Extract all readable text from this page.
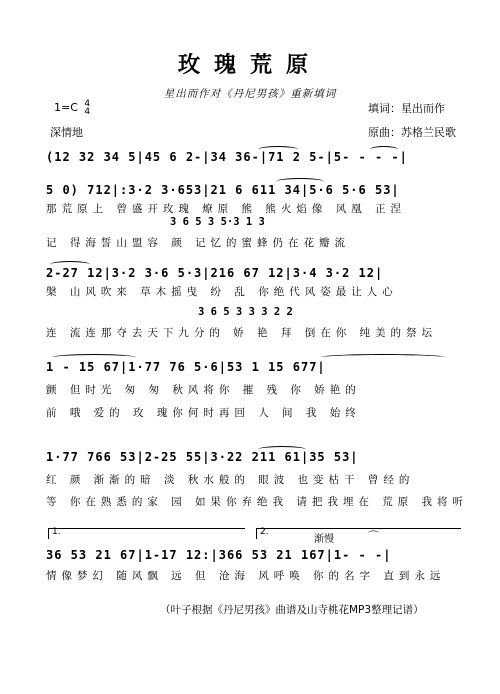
玫瑰荒原
星出而作对《丹尼男孩》重新填词
1=C 4
4
深情地
填词：星出而作
原曲：苏格兰民歌
(12 32 34 5|45 6 2-|34 36-|71 2 5-|5- - - -|
5 0) 712|:3·2 3·653|21 6 611 34|5·6 5·6 53|
那荒原上 曾盛开玫瑰 燎原 熊 熊火焰像 风凰 正涅
3 6 5 3 5·3 1 3
记 得海誓山盟容 颜 记忆的蜜蜂仍在花瓣流
2-27 12|3·2 3·6 5·3|216 67 12|3·4 3·2 12|
槃 山风吹来 草木摇曳 纷 乱 你绝代风姿最让人心
3 6 5 3 3 3 2 2
连 流连那夺去天下九分的 娇 艳 拜 倒在你 纯美的祭坛
1 - 15 67|1·77 76 5·6|53 1 15 677|
颤 但时光 匆 匆 秋风将你 摧 残 你 娇艳的
前 哦 爱的 玫 瑰你何时再回 人 间 我 始终
1·77 766 53|2-25 55|3·22 211 61|35 53|
红 颜 渐渐的暗 淡 秋水般的 眼波 也变枯干 曾经的
等 你在熟悉的家 园 如果你弃绝我 请把我埋在 荒原 我将听
1.	2.
渐慢	⌒
36 53 21 67|1-17 12:|366 53 21 167|1- - -|
情像梦幻 随风飘 远 但 沧海 风呼唤 你的名字 直到永远
（叶子根据《丹尼男孩》曲谱及山寺桃花MP3整理记谱）
